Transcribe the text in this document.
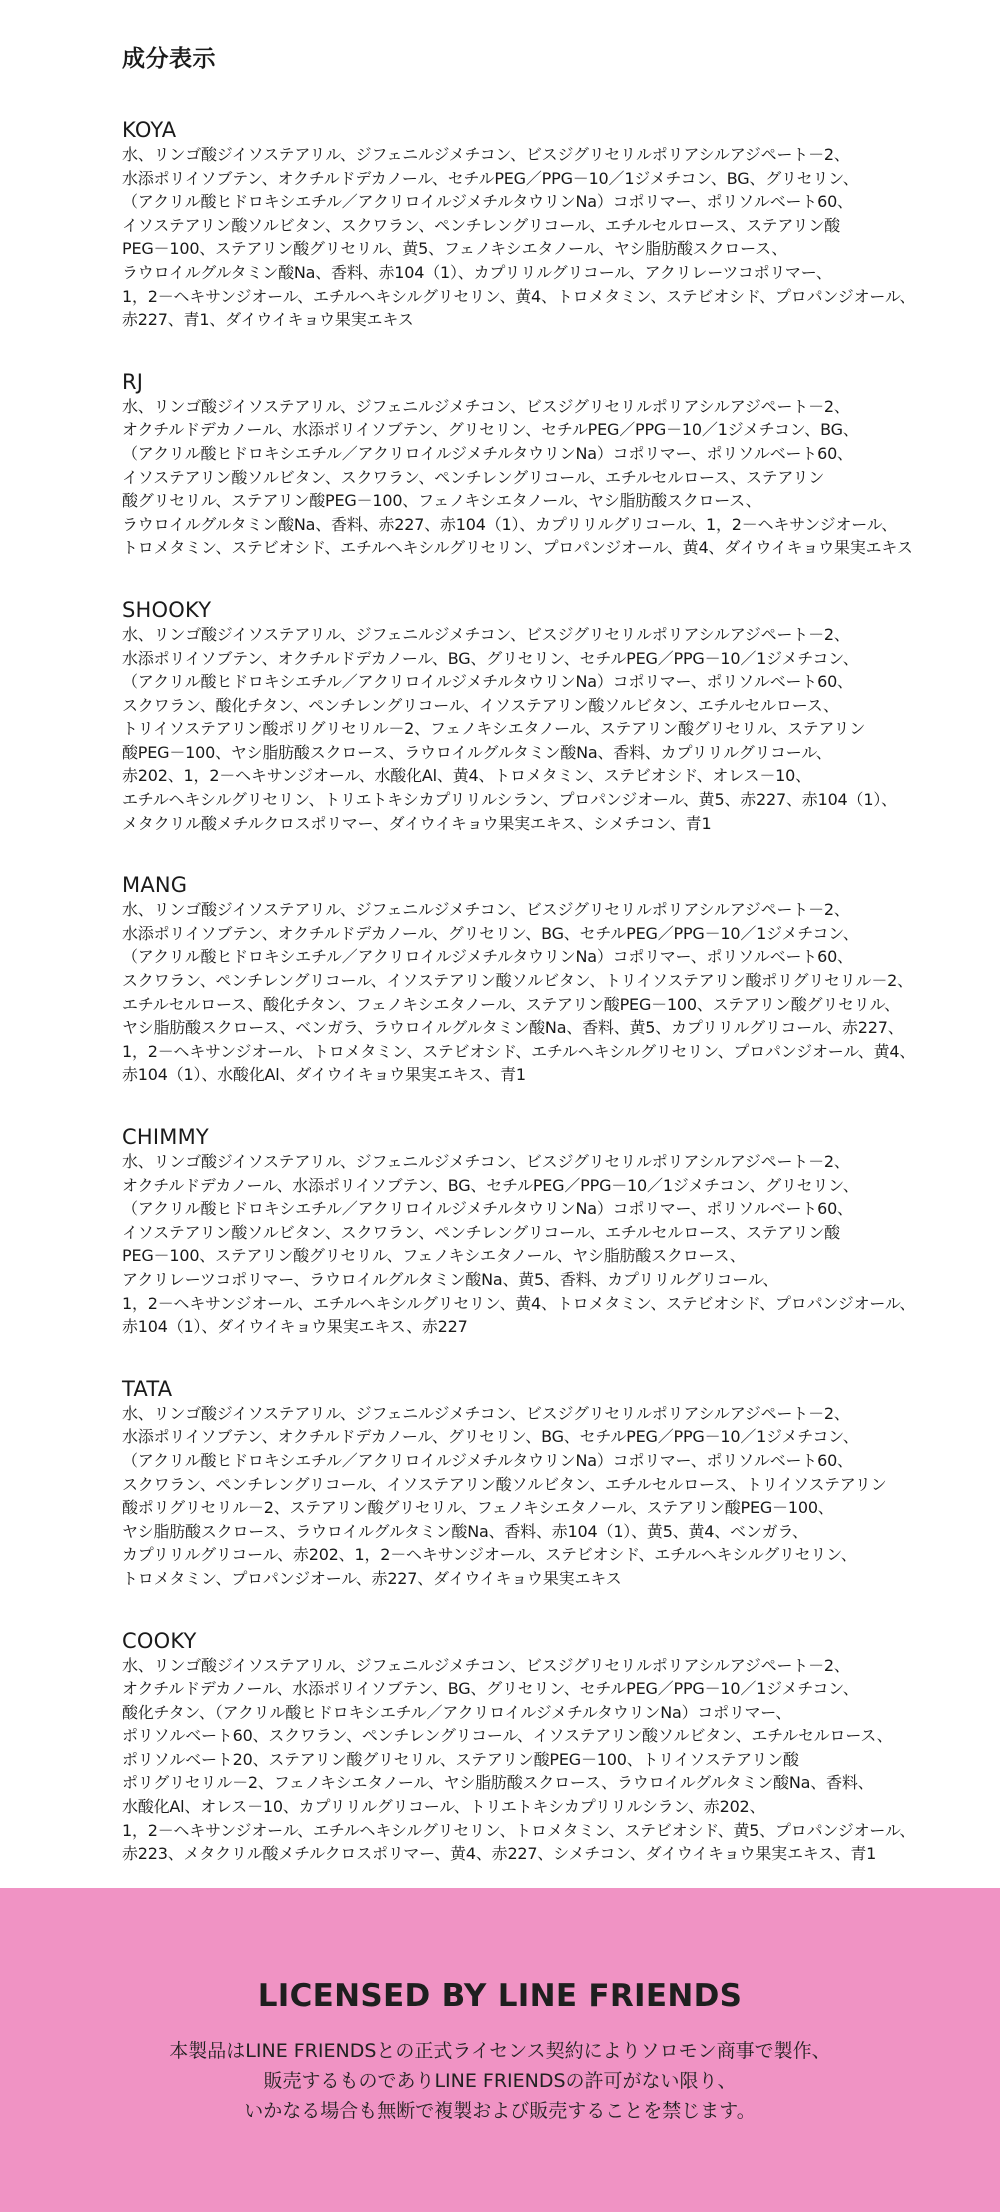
成分表示
KOYA
水、リンゴ酸ジイソステアリル、ジフェニルジメチコン、ビスジグリセリルポリアシルアジペート－2、
水添ポリイソブテン、オクチルドデカノール、セチルPEG／PPG－10／1ジメチコン、BG、グリセリン、
（アクリル酸ヒドロキシエチル／アクリロイルジメチルタウリンNa）コポリマー、ポリソルベート60、
イソステアリン酸ソルビタン、スクワラン、ペンチレングリコール、エチルセルロース、ステアリン酸
PEG－100、ステアリン酸グリセリル、黄5、フェノキシエタノール、ヤシ脂肪酸スクロース、
ラウロイルグルタミン酸Na、香料、赤104（1）、カプリリルグリコール、アクリレーツコポリマー、
1，2－ヘキサンジオール、エチルヘキシルグリセリン、黄4、トロメタミン、ステビオシド、プロパンジオール、
赤227、青1、ダイウイキョウ果実エキス
RJ
水、リンゴ酸ジイソステアリル、ジフェニルジメチコン、ビスジグリセリルポリアシルアジペート－2、
オクチルドデカノール、水添ポリイソブテン、グリセリン、セチルPEG／PPG－10／1ジメチコン、BG、
（アクリル酸ヒドロキシエチル／アクリロイルジメチルタウリンNa）コポリマー、ポリソルベート60、
イソステアリン酸ソルビタン、スクワラン、ペンチレングリコール、エチルセルロース、ステアリン
酸グリセリル、ステアリン酸PEG－100、フェノキシエタノール、ヤシ脂肪酸スクロース、
ラウロイルグルタミン酸Na、香料、赤227、赤104（1）、カプリリルグリコール、1，2－ヘキサンジオール、
トロメタミン、ステビオシド、エチルヘキシルグリセリン、プロパンジオール、黄4、ダイウイキョウ果実エキス
SHOOKY
水、リンゴ酸ジイソステアリル、ジフェニルジメチコン、ビスジグリセリルポリアシルアジペート－2、
水添ポリイソブテン、オクチルドデカノール、BG、グリセリン、セチルPEG／PPG－10／1ジメチコン、
（アクリル酸ヒドロキシエチル／アクリロイルジメチルタウリンNa）コポリマー、ポリソルベート60、
スクワラン、酸化チタン、ペンチレングリコール、イソステアリン酸ソルビタン、エチルセルロース、
トリイソステアリン酸ポリグリセリル－2、フェノキシエタノール、ステアリン酸グリセリル、ステアリン
酸PEG－100、ヤシ脂肪酸スクロース、ラウロイルグルタミン酸Na、香料、カプリリルグリコール、
赤202、1，2－ヘキサンジオール、水酸化Al、黄4、トロメタミン、ステビオシド、オレス－10、
エチルヘキシルグリセリン、トリエトキシカプリリルシラン、プロパンジオール、黄5、赤227、赤104（1）、
メタクリル酸メチルクロスポリマー、ダイウイキョウ果実エキス、シメチコン、青1
MANG
水、リンゴ酸ジイソステアリル、ジフェニルジメチコン、ビスジグリセリルポリアシルアジペート－2、
水添ポリイソブテン、オクチルドデカノール、グリセリン、BG、セチルPEG／PPG－10／1ジメチコン、
（アクリル酸ヒドロキシエチル／アクリロイルジメチルタウリンNa）コポリマー、ポリソルベート60、
スクワラン、ペンチレングリコール、イソステアリン酸ソルビタン、トリイソステアリン酸ポリグリセリル－2、
エチルセルロース、酸化チタン、フェノキシエタノール、ステアリン酸PEG－100、ステアリン酸グリセリル、
ヤシ脂肪酸スクロース、ベンガラ、ラウロイルグルタミン酸Na、香料、黄5、カプリリルグリコール、赤227、
1，2－ヘキサンジオール、トロメタミン、ステビオシド、エチルヘキシルグリセリン、プロパンジオール、黄4、
赤104（1）、水酸化Al、ダイウイキョウ果実エキス、青1
CHIMMY
水、リンゴ酸ジイソステアリル、ジフェニルジメチコン、ビスジグリセリルポリアシルアジペート－2、
オクチルドデカノール、水添ポリイソブテン、BG、セチルPEG／PPG－10／1ジメチコン、グリセリン、
（アクリル酸ヒドロキシエチル／アクリロイルジメチルタウリンNa）コポリマー、ポリソルベート60、
イソステアリン酸ソルビタン、スクワラン、ペンチレングリコール、エチルセルロース、ステアリン酸
PEG－100、ステアリン酸グリセリル、フェノキシエタノール、ヤシ脂肪酸スクロース、
アクリレーツコポリマー、ラウロイルグルタミン酸Na、黄5、香料、カプリリルグリコール、
1，2－ヘキサンジオール、エチルヘキシルグリセリン、黄4、トロメタミン、ステビオシド、プロパンジオール、
赤104（1）、ダイウイキョウ果実エキス、赤227
TATA
水、リンゴ酸ジイソステアリル、ジフェニルジメチコン、ビスジグリセリルポリアシルアジペート－2、
水添ポリイソブテン、オクチルドデカノール、グリセリン、BG、セチルPEG／PPG－10／1ジメチコン、
（アクリル酸ヒドロキシエチル／アクリロイルジメチルタウリンNa）コポリマー、ポリソルベート60、
スクワラン、ペンチレングリコール、イソステアリン酸ソルビタン、エチルセルロース、トリイソステアリン
酸ポリグリセリル－2、ステアリン酸グリセリル、フェノキシエタノール、ステアリン酸PEG－100、
ヤシ脂肪酸スクロース、ラウロイルグルタミン酸Na、香料、赤104（1）、黄5、黄4、ベンガラ、
カプリリルグリコール、赤202、1，2－ヘキサンジオール、ステビオシド、エチルヘキシルグリセリン、
トロメタミン、プロパンジオール、赤227、ダイウイキョウ果実エキス
COOKY
水、リンゴ酸ジイソステアリル、ジフェニルジメチコン、ビスジグリセリルポリアシルアジペート－2、
オクチルドデカノール、水添ポリイソブテン、BG、グリセリン、セチルPEG／PPG－10／1ジメチコン、
酸化チタン、（アクリル酸ヒドロキシエチル／アクリロイルジメチルタウリンNa）コポリマー、
ポリソルベート60、スクワラン、ペンチレングリコール、イソステアリン酸ソルビタン、エチルセルロース、
ポリソルベート20、ステアリン酸グリセリル、ステアリン酸PEG－100、トリイソステアリン酸
ポリグリセリル－2、フェノキシエタノール、ヤシ脂肪酸スクロース、ラウロイルグルタミン酸Na、香料、
水酸化Al、オレス－10、カプリリルグリコール、トリエトキシカプリリルシラン、赤202、
1，2－ヘキサンジオール、エチルヘキシルグリセリン、トロメタミン、ステビオシド、黄5、プロパンジオール、
赤223、メタクリル酸メチルクロスポリマー、黄4、赤227、シメチコン、ダイウイキョウ果実エキス、青1
LICENSED BY LINE FRIENDS
本製品はLINE FRIENDSとの正式ライセンス契約によりソロモン商事で製作、
販売するものでありLINE FRIENDSの許可がない限り、
いかなる場合も無断で複製および販売することを禁じます。
